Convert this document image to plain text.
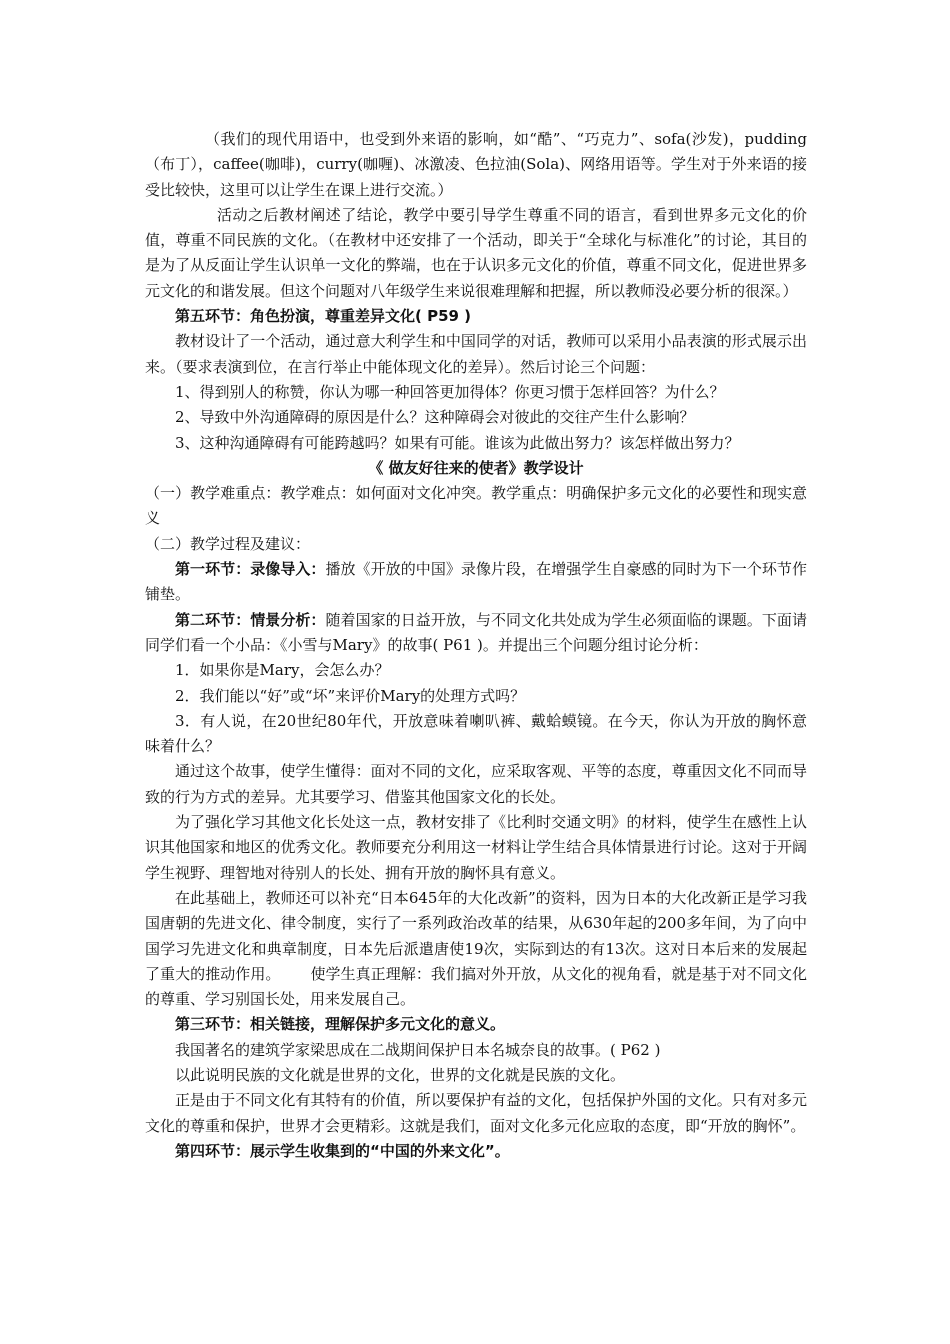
（我们的现代用语中，也受到外来语的影响，如“酷”、“巧克力”、sofa(沙发)，pudding（布丁），caffee(咖啡)，curry(咖喱)、冰激凌、色拉油(Sola)、网络用语等。学生对于外来语的接受比较快，这里可以让学生在课上进行交流。）

活动之后教材阐述了结论，教学中要引导学生尊重不同的语言，看到世界多元文化的价值，尊重不同民族的文化。（在教材中还安排了一个活动，即关于“全球化与标准化”的讨论，其目的是为了从反面让学生认识单一文化的弊端，也在于认识多元文化的价值，尊重不同文化，促进世界多元文化的和谐发展。但这个问题对八年级学生来说很难理解和把握，所以教师没必要分析的很深。）

第五环节：角色扮演，尊重差异文化( P59 )

教材设计了一个活动，通过意大利学生和中国同学的对话，教师可以采用小品表演的形式展示出来。（要求表演到位，在言行举止中能体现文化的差异）。然后讨论三个问题：

1、得到别人的称赞，你认为哪一种回答更加得体？你更习惯于怎样回答？为什么？

2、导致中外沟通障碍的原因是什么？这种障碍会对彼此的交往产生什么影响？

3、这种沟通障碍有可能跨越吗？如果有可能。谁该为此做出努力？该怎样做出努力？

《 做友好往来的使者》教学设计

（一）教学难重点：教学难点：如何面对文化冲突。教学重点：明确保护多元文化的必要性和现实意义

（二）教学过程及建议：

第一环节：录像导入：播放《开放的中国》录像片段，在增强学生自豪感的同时为下一个环节作铺垫。

第二环节：情景分析：随着国家的日益开放，与不同文化共处成为学生必须面临的课题。下面请同学们看一个小品：《小雪与Mary》的故事( P61 )。并提出三个问题分组讨论分析：

1．如果你是Mary，会怎么办？

2．我们能以“好”或“坏”来评价Mary的处理方式吗？

3．有人说，在20世纪80年代，开放意味着喇叭裤、戴蛤蟆镜。在今天，你认为开放的胸怀意味着什么？

通过这个故事，使学生懂得：面对不同的文化，应采取客观、平等的态度，尊重因文化不同而导致的行为方式的差异。尤其要学习、借鉴其他国家文化的长处。

为了强化学习其他文化长处这一点，教材安排了《比利时交通文明》的材料，使学生在感性上认识其他国家和地区的优秀文化。教师要充分利用这一材料让学生结合具体情景进行讨论。这对于开阔学生视野、理智地对待别人的长处、拥有开放的胸怀具有意义。

在此基础上，教师还可以补充“日本645年的大化改新”的资料，因为日本的大化改新正是学习我国唐朝的先进文化、律令制度，实行了一系列政治改革的结果，从630年起的200多年间，为了向中国学习先进文化和典章制度，日本先后派遣唐使19次，实际到达的有13次。这对日本后来的发展起了重大的推动作用。 使学生真正理解：我们搞对外开放，从文化的视角看，就是基于对不同文化的尊重、学习别国长处，用来发展自己。

第三环节：相关链接，理解保护多元文化的意义。

我国著名的建筑学家梁思成在二战期间保护日本名城奈良的故事。( P62 )

以此说明民族的文化就是世界的文化，世界的文化就是民族的文化。

正是由于不同文化有其特有的价值，所以要保护有益的文化，包括保护外国的文化。只有对多元文化的尊重和保护，世界才会更精彩。这就是我们，面对文化多元化应取的态度，即“开放的胸怀”。

第四环节：展示学生收集到的“中国的外来文化”。
